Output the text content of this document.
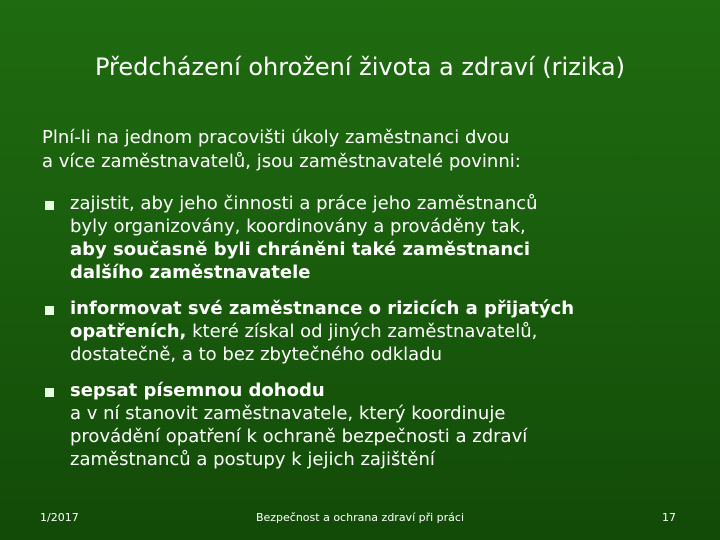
Předcházení ohrožení života a zdraví (rizika)
Plní-li na jednom pracovišti úkoly zaměstnanci dvou
a více zaměstnavatelů, jsou zaměstnavatelé povinni:
zajistit, aby jeho činnosti a práce jeho zaměstnanců
byly organizovány, koordinovány a prováděny tak,
aby současně byli chráněni také zaměstnanci
dalšího zaměstnavatele
informovat své zaměstnance o rizicích a přijatých
opatřeních, které získal od jiných zaměstnavatelů,
dostatečně, a to bez zbytečného odkladu
sepsat písemnou dohodu
a v ní stanovit zaměstnavatele, který koordinuje
provádění opatření k ochraně bezpečnosti a zdraví
zaměstnanců a postupy k jejich zajištění
1/2017	Bezpečnost a ochrana zdraví při práci	17
